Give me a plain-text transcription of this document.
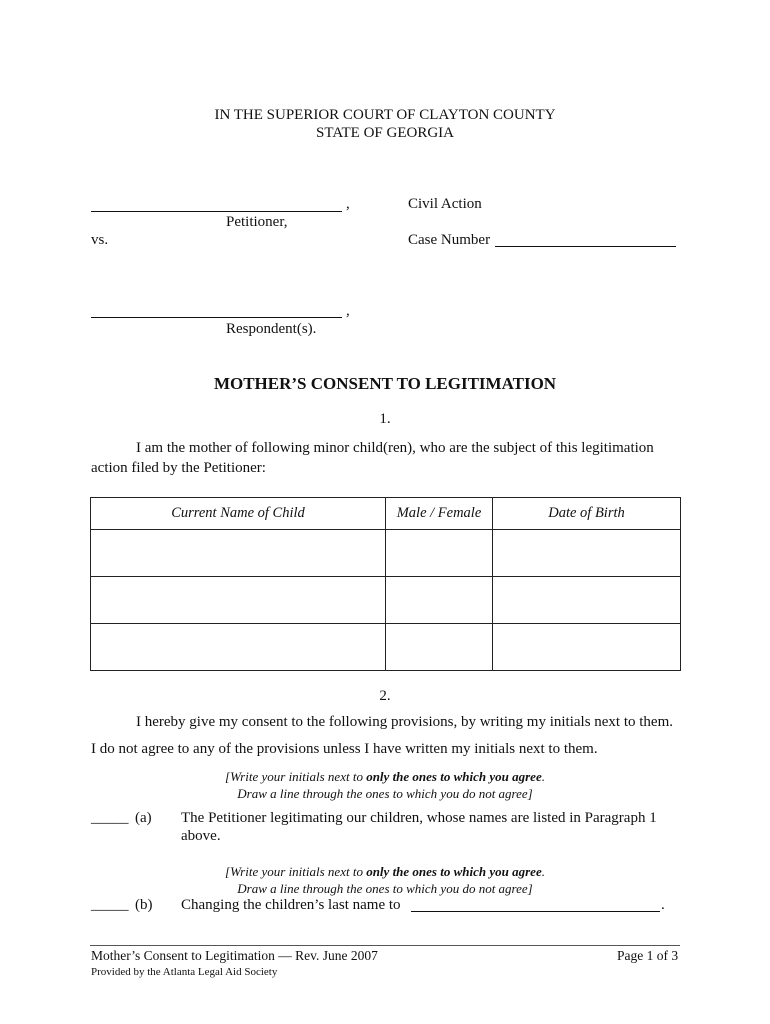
IN THE SUPERIOR COURT OF CLAYTON COUNTY
STATE OF GEORGIA
,
Petitioner,
vs.
,
Respondent(s).
Civil Action
Case Number
MOTHER’S CONSENT TO LEGITIMATION
1.
I am the mother of following minor child(ren), who are the subject of this legitimation
action filed by the Petitioner:
Current Name of Child	Male / Female	Date of Birth

2.
I hereby give my consent to the following provisions, by writing my initials next to them.
I do not agree to any of the provisions unless I have written my initials next to them.
[Write your initials next to only the ones to which you agree.
Draw a line through the ones to which you do not agree]
_____ (a) The Petitioner legitimating our children, whose names are listed in Paragraph 1
above.
[Write your initials next to only the ones to which you agree.
Draw a line through the ones to which you do not agree]
_____ (b) Changing the children’s last name to	.
Mother’s Consent to Legitimation — Rev. June 2007	Page 1 of 3
Provided by the Atlanta Legal Aid Society
